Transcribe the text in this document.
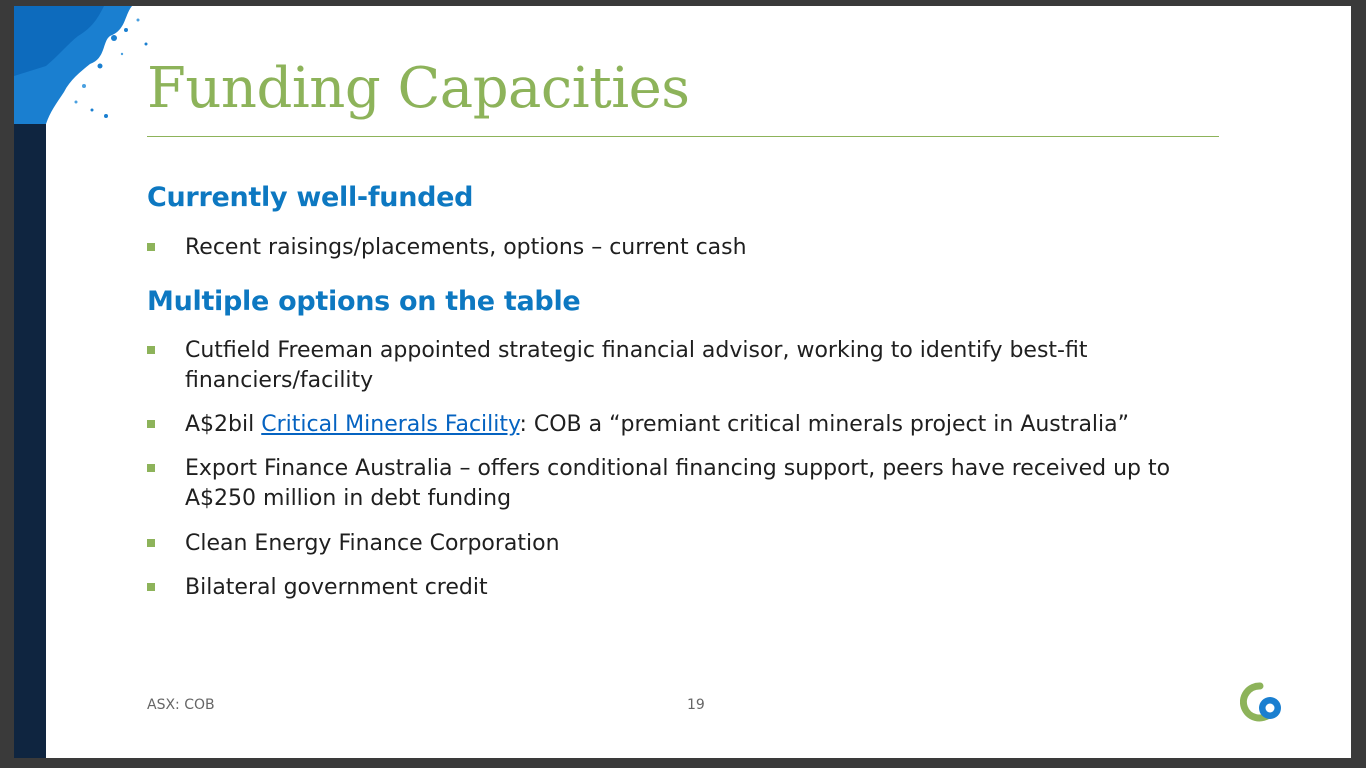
Funding Capacities
Currently well-funded
Recent raisings/placements, options – current cash
Multiple options on the table
Cutfield Freeman appointed strategic financial advisor, working to identify best-fit financiers/facility
A$2bil Critical Minerals Facility: COB a “premiant critical minerals project in Australia”
Export Finance Australia – offers conditional financing support, peers have received up to A$250 million in debt funding
Clean Energy Finance Corporation
Bilateral government credit
ASX: COB	19
